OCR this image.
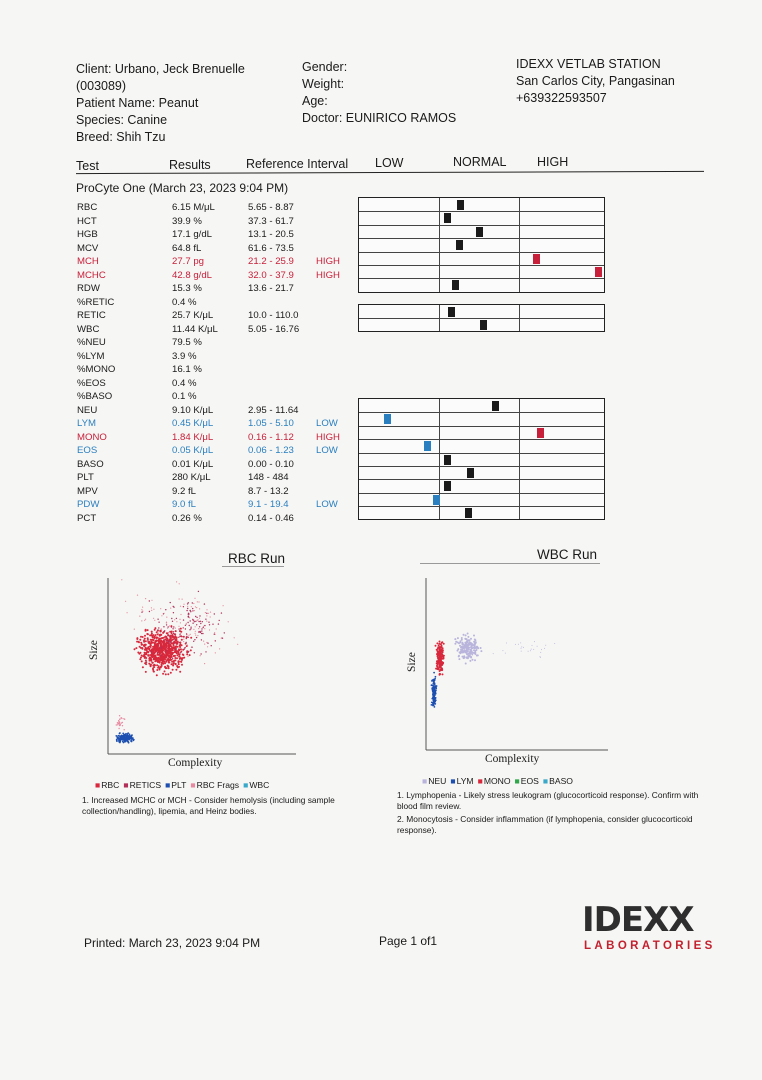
Client: Urbano, Jeck Brenuelle
(003089)
Patient Name: Peanut
Species: Canine
Breed: Shih Tzu
Gender:
Weight:
Age:
Doctor: EUNIRICO RAMOS
IDEXX VETLAB STATION
San Carlos City, Pangasinan
+639322593507
Test	Results	Reference Interval LOW	NORMAL HIGH
ProCyte One (March 23, 2023 9:04 PM)
RBC	6.15 M/μL	5.65 - 8.87
HCT	39.9 %	37.3 - 61.7
HGB	17.1 g/dL	13.1 - 20.5
MCV	64.8 fL	61.6 - 73.5
MCH	27.7 pg	21.2 - 25.9 HIGH
MCHC	42.8 g/dL	32.0 - 37.9 HIGH
RDW	15.3 %	13.6 - 21.7
%RETIC	0.4 %
RETIC	25.7 K/μL	10.0 - 110.0
WBC	11.44 K/μL	5.05 - 16.76
%NEU	79.5 %
%LYM	3.9 %
%MONO	16.1 %
%EOS	0.4 %
%BASO	0.1 %
NEU	9.10 K/μL	2.95 - 11.64
LYM	0.45 K/μL	1.05 - 5.10 LOW
MONO	1.84 K/μL	0.16 - 1.12 HIGH
EOS	0.05 K/μL	0.06 - 1.23 LOW
BASO	0.01 K/μL	0.00 - 0.10
PLT	280 K/μL	148 - 484
MPV	9.2 fL	8.7 - 13.2
PDW	9.0 fL	9.1 - 19.4	LOW
PCT	0.26 %	0.14 - 0.46
RBC Run
Size
Complexity
■RBC ■RETICS ■PLT ■RBC Frags ■WBC
1. Increased MCHC or MCH - Consider hemolysis (including sample collection/handling), lipemia, and Heinz bodies.
WBC Run
Size
Complexity
■NEU ■LYM ■MONO ■EOS ■BASO
1. Lymphopenia - Likely stress leukogram (glucocorticoid response). Confirm with blood film review.
2. Monocytosis - Consider inflammation (if lymphopenia, consider glucocorticoid response).
Printed: March 23, 2023 9:04 PM	Page 1 of1
IDEXX
LABORATORIES
